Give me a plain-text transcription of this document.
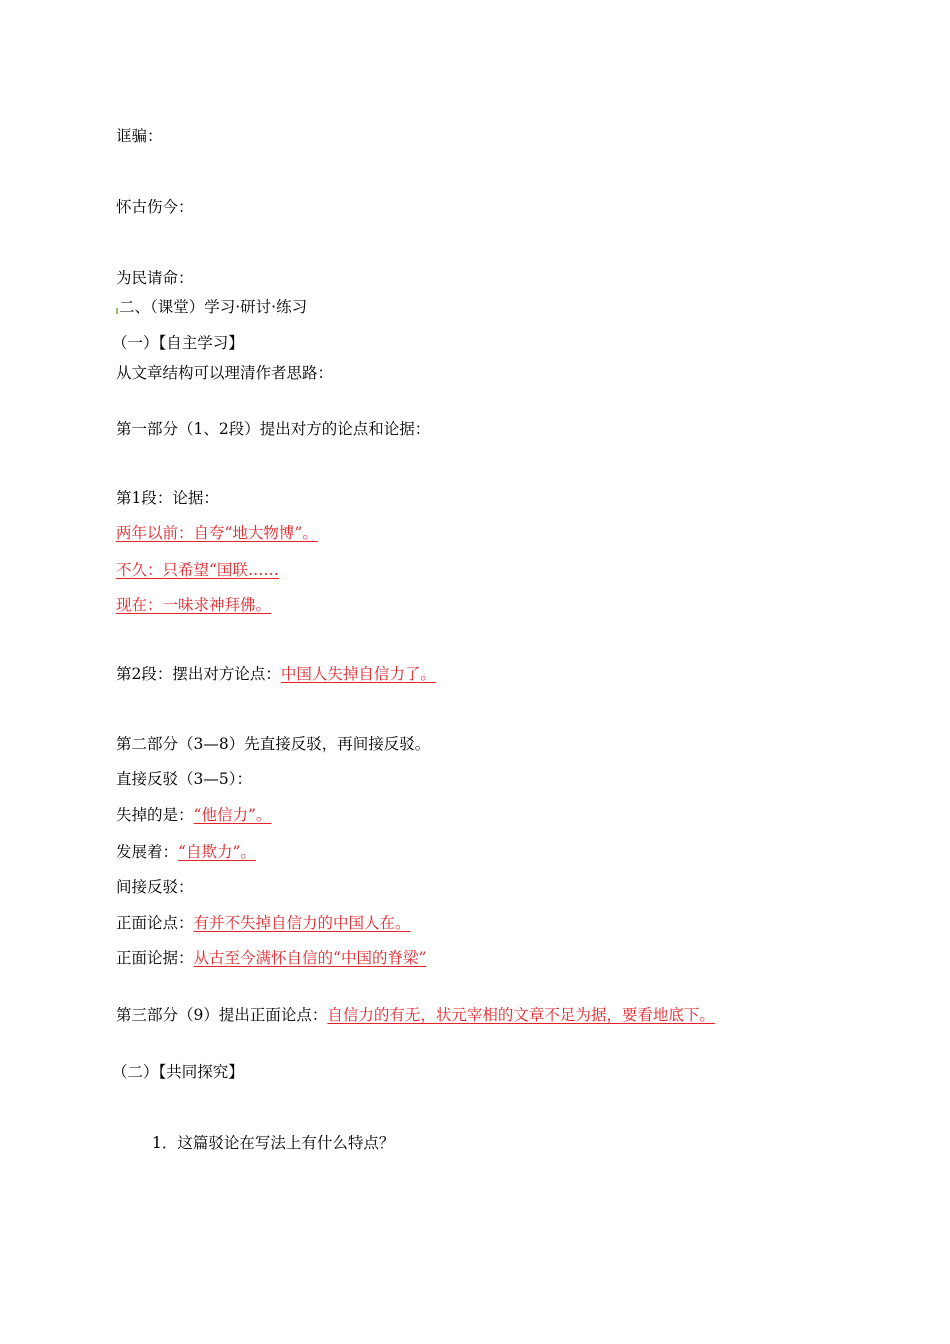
诓骗：
怀古伤今：
为民请命：
二、（课堂）学习·研讨·练习
（一）【自主学习】
从文章结构可以理清作者思路：
第一部分（1、2段）提出对方的论点和论据：
第1段：论据：
两年以前：自夸“地大物博”。
不久：只希望“国联……
现在：一味求神拜佛。
第2段：摆出对方论点：中国人失掉自信力了。
第二部分（3—8）先直接反驳，再间接反驳。
直接反驳（3—5）：
失掉的是：“他信力”。
发展着：“自欺力”。
间接反驳：
正面论点：有并不失掉自信力的中国人在。
正面论据：从古至今满怀自信的“中国的脊梁”
第三部分（9）提出正面论点：自信力的有无，状元宰相的文章不足为据，要看地底下。
（二）【共同探究】
1．这篇驳论在写法上有什么特点？
